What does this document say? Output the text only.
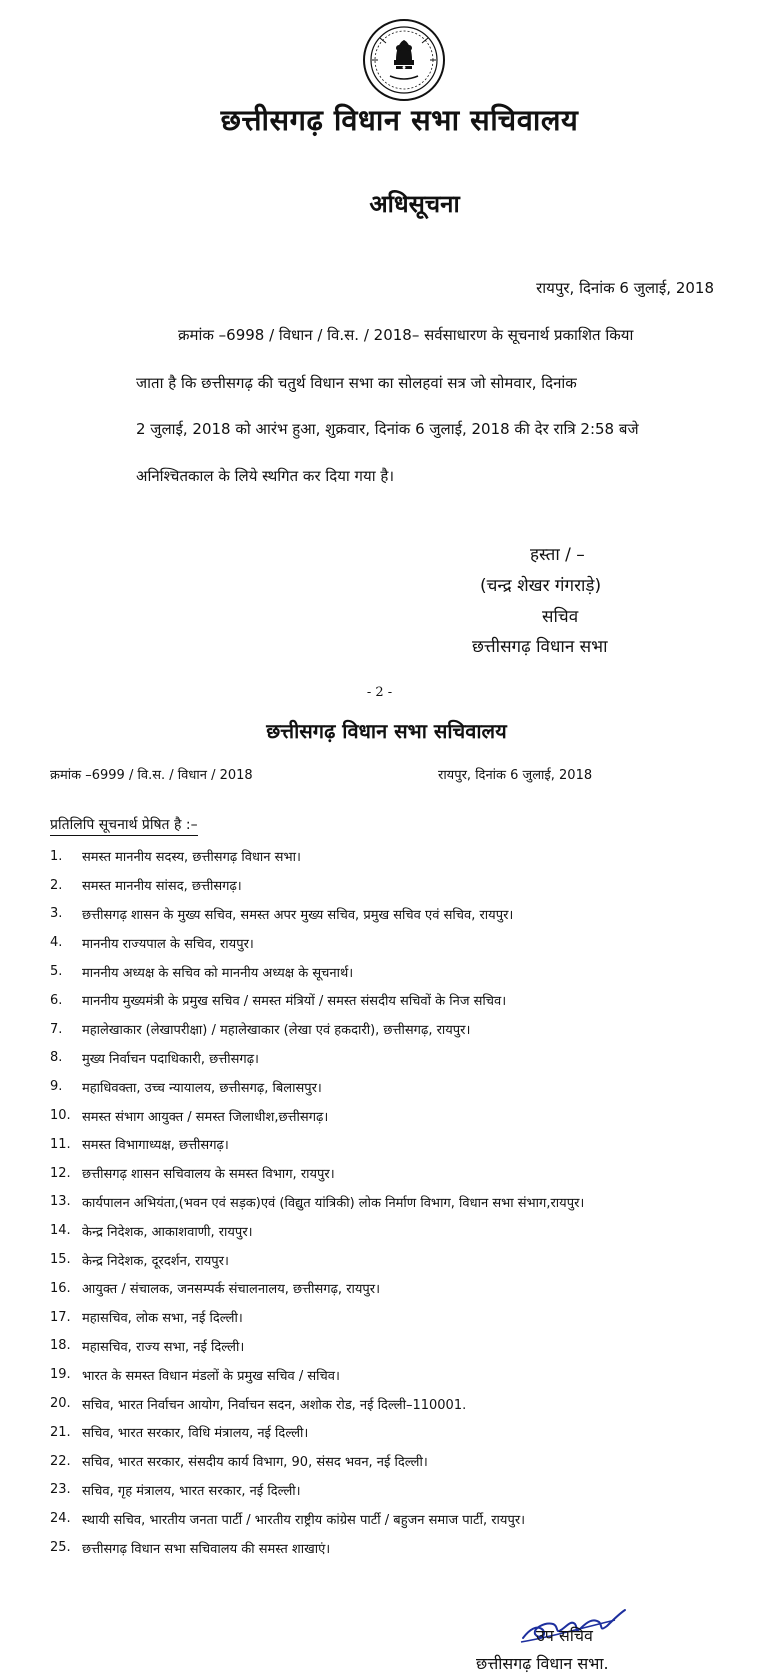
छत्तीसगढ़ विधान सभा सचिवालय
अधिसूचना
रायपुर, दिनांक 6 जुलाई, 2018
क्रमांक –6998 / विधान / वि.स. / 2018– सर्वसाधारण के सूचनार्थ प्रकाशित किया
जाता है कि छत्तीसगढ़ की चतुर्थ विधान सभा का सोलहवां सत्र जो सोमवार, दिनांक
2 जुलाई, 2018 को आरंभ हुआ, शुक्रवार, दिनांक 6 जुलाई, 2018 की देर रात्रि 2:58 बजे
अनिश्चितकाल के लिये स्थगित कर दिया गया है।
हस्ता / –
(चन्द्र शेखर गंगराड़े)
सचिव
छत्तीसगढ़ विधान सभा
- 2 -
छत्तीसगढ़ विधान सभा सचिवालय
क्रमांक –6999 / वि.स. / विधान / 2018	रायपुर, दिनांक 6 जुलाई, 2018
प्रतिलिपि सूचनार्थ प्रेषित है :–
1.	समस्त माननीय सदस्य, छत्तीसगढ़ विधान सभा।
2.	समस्त माननीय सांसद, छत्तीसगढ़।
3.	छत्तीसगढ़ शासन के मुख्य सचिव, समस्त अपर मुख्य सचिव, प्रमुख सचिव एवं सचिव, रायपुर।
4.	माननीय राज्यपाल के सचिव, रायपुर।
5.	माननीय अध्यक्ष के सचिव को माननीय अध्यक्ष के सूचनार्थ।
6.	माननीय मुख्यमंत्री के प्रमुख सचिव / समस्त मंत्रियों / समस्त संसदीय सचिवों के निज सचिव।
7.	महालेखाकार (लेखापरीक्षा) / महालेखाकार (लेखा एवं हकदारी), छत्तीसगढ़, रायपुर।
8.	मुख्य निर्वाचन पदाधिकारी, छत्तीसगढ़।
9.	महाधिवक्ता, उच्च न्यायालय, छत्तीसगढ़, बिलासपुर।
10. समस्त संभाग आयुक्त / समस्त जिलाधीश,छत्तीसगढ़।
11. समस्त विभागाध्यक्ष, छत्तीसगढ़।
12. छत्तीसगढ़ शासन सचिवालय के समस्त विभाग, रायपुर।
13. कार्यपालन अभियंता,(भवन एवं सड़क)एवं (विद्युत यांत्रिकी) लोक निर्माण विभाग, विधान सभा संभाग,रायपुर।
14. केन्द्र निदेशक, आकाशवाणी, रायपुर।
15. केन्द्र निदेशक, दूरदर्शन, रायपुर।
16. आयुक्त / संचालक, जनसम्पर्क संचालनालय, छत्तीसगढ़, रायपुर।
17. महासचिव, लोक सभा, नई दिल्ली।
18. महासचिव, राज्य सभा, नई दिल्ली।
19. भारत के समस्त विधान मंडलों के प्रमुख सचिव / सचिव।
20. सचिव, भारत निर्वाचन आयोग, निर्वाचन सदन, अशोक रोड, नई दिल्ली–110001.
21. सचिव, भारत सरकार, विधि मंत्रालय, नई दिल्ली।
22. सचिव, भारत सरकार, संसदीय कार्य विभाग, 90, संसद भवन, नई दिल्ली।
23. सचिव, गृह मंत्रालय, भारत सरकार, नई दिल्ली।
24. स्थायी सचिव, भारतीय जनता पार्टी / भारतीय राष्ट्रीय कांग्रेस पार्टी / बहुजन समाज पार्टी, रायपुर।
25. छत्तीसगढ़ विधान सभा सचिवालय की समस्त शाखाएं।
उप सचिव
छत्तीसगढ़ विधान सभा.
